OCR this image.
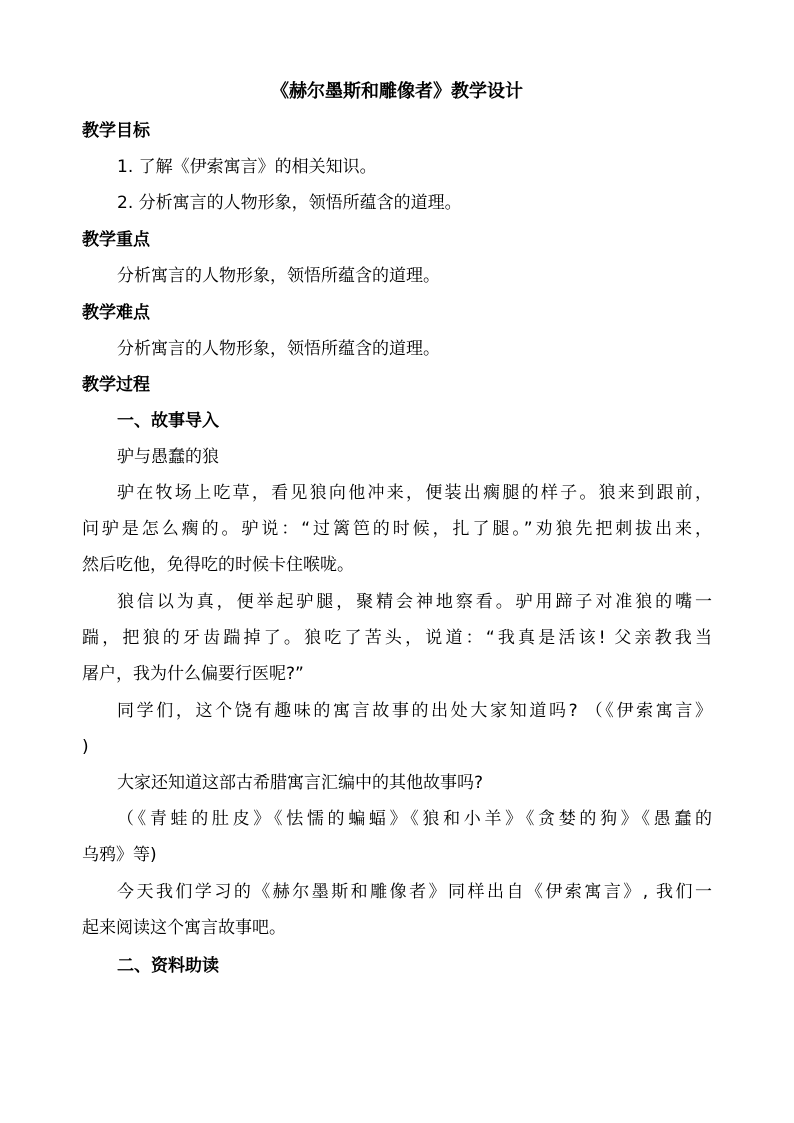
《赫尔墨斯和雕像者》教学设计
教学目标
1. 了解《伊索寓言》的相关知识。
2. 分析寓言的人物形象，领悟所蕴含的道理。
教学重点
分析寓言的人物形象，领悟所蕴含的道理。
教学难点
分析寓言的人物形象，领悟所蕴含的道理。
教学过程
一、故事导入
驴与愚蠢的狼
驴在牧场上吃草，看见狼向他冲来，便装出瘸腿的样子。狼来到跟前，
问驴是怎么瘸的。驴说：“过篱笆的时候，扎了腿。”劝狼先把刺拔出来，
然后吃他，免得吃的时候卡住喉咙。
狼信以为真，便举起驴腿，聚精会神地察看。驴用蹄子对准狼的嘴一
踹，把狼的牙齿踹掉了。狼吃了苦头，说道：“我真是活该! 父亲教我当
屠户，我为什么偏要行医呢?”
同学们，这个饶有趣味的寓言故事的出处大家知道吗? （《伊索寓言》
)
大家还知道这部古希腊寓言汇编中的其他故事吗?
（《青蛙的肚皮》《怯懦的蝙蝠》《狼和小羊》《贪婪的狗》《愚蠢的
乌鸦》等)
今天我们学习的《赫尔墨斯和雕像者》同样出自《伊索寓言》, 我们一
起来阅读这个寓言故事吧。
二、资料助读
